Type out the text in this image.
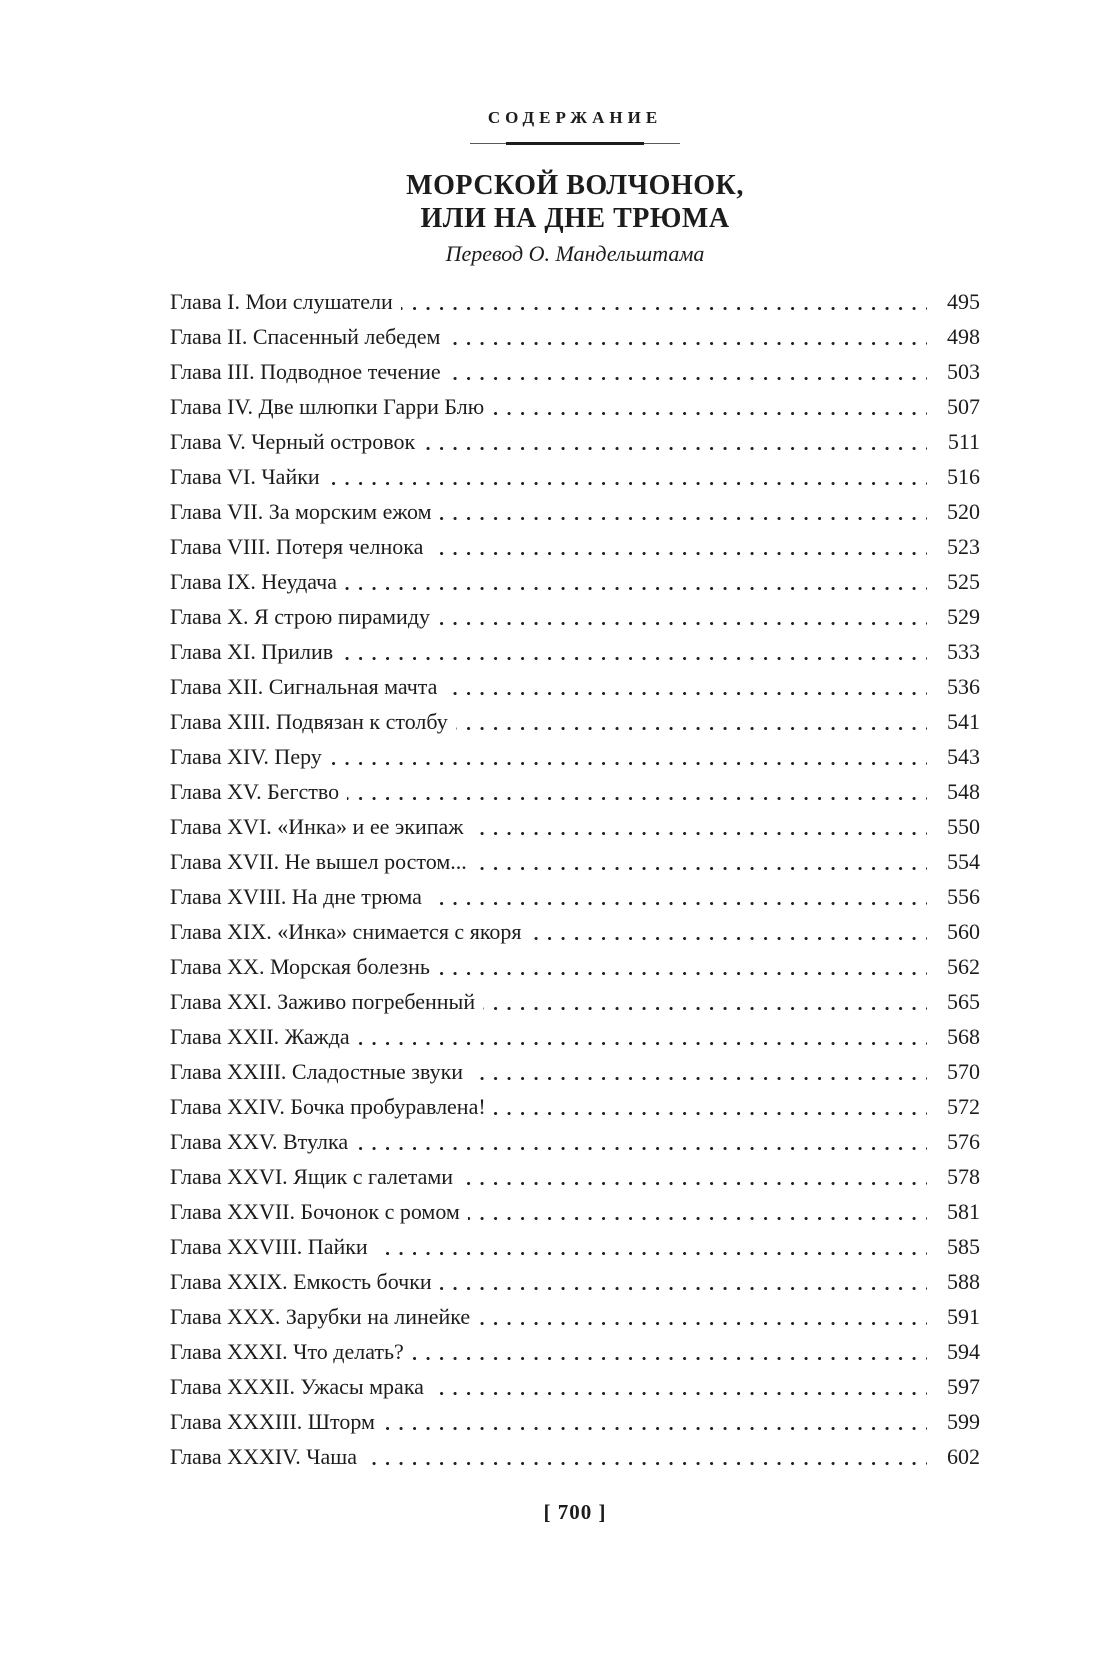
СОДЕРЖАНИЕ
МОРСКОЙ ВОЛЧОНОК,
ИЛИ НА ДНЕ ТРЮМА
Перевод О. Мандельштама
Глава I. Мои слушатели	495
Глава II. Спасенный лебедем	498
Глава III. Подводное течение	503
Глава IV. Две шлюпки Гарри Блю	507
Глава V. Черный островок	511
Глава VI. Чайки	516
Глава VII. За морским ежом	520
Глава VIII. Потеря челнока	523
Глава IX. Неудача	525
Глава X. Я строю пирамиду	529
Глава XI. Прилив	533
Глава XII. Сигнальная мачта	536
Глава XIII. Подвязан к столбу	541
Глава XIV. Перу	543
Глава XV. Бегство	548
Глава XVI. «Инка» и ее экипаж	550
Глава XVII. Не вышел ростом...	554
Глава XVIII. На дне трюма	556
Глава XIX. «Инка» снимается с якоря	560
Глава XX. Морская болезнь	562
Глава XXI. Заживо погребенный	565
Глава XXII. Жажда	568
Глава XXIII. Сладостные звуки	570
Глава XXIV. Бочка пробуравлена!	572
Глава XXV. Втулка	576
Глава XXVI. Ящик с галетами	578
Глава XXVII. Бочонок с ромом	581
Глава XXVIII. Пайки	585
Глава XXIX. Емкость бочки	588
Глава XXX. Зарубки на линейке	591
Глава XXXI. Что делать?	594
Глава XXXII. Ужасы мрака	597
Глава XXXIII. Шторм	599
Глава XXXIV. Чаша	602
[ 700 ]
